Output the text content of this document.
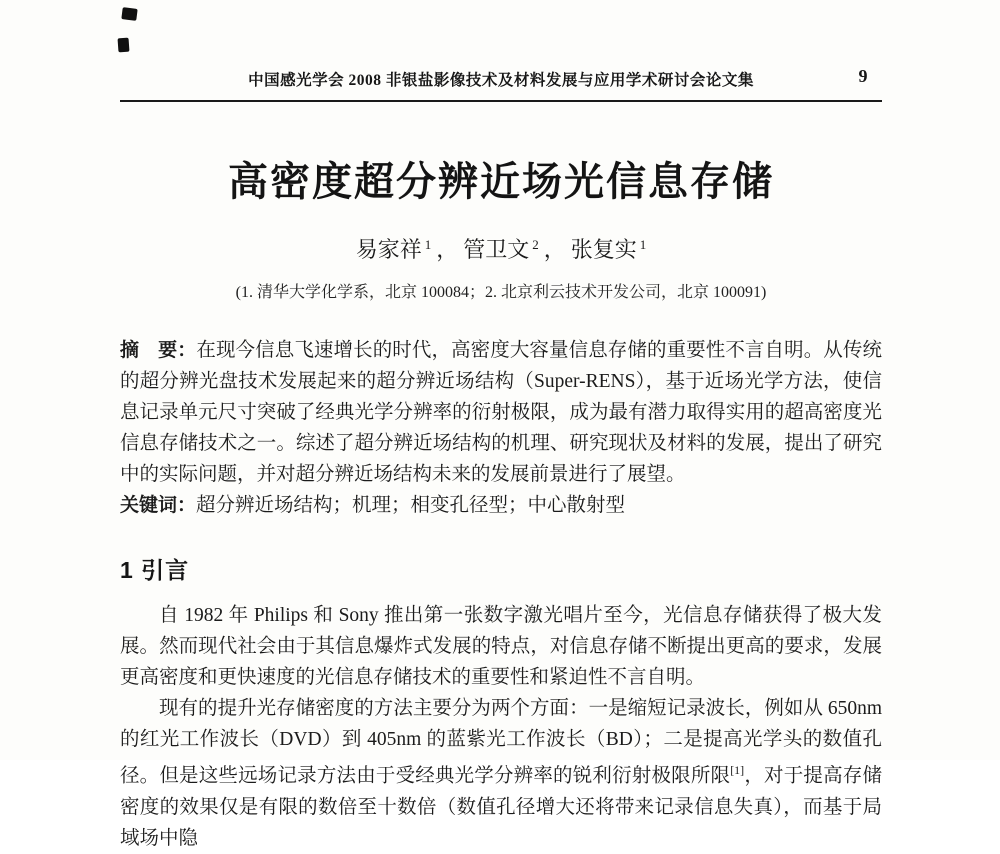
中国感光学会 2008 非银盐影像技术及材料发展与应用学术研讨会论文集	9
高密度超分辨近场光信息存储
易家祥 $^1$ ， 管卫文 $^2$ ， 张复实 $^1$
(1. 清华大学化学系，北京 100084；2. 北京利云技术开发公司，北京 100091)

摘　要：在现今信息飞速增长的时代，高密度大容量信息存储的重要性不言自明。从传统的超分辨光盘技术发展起来的超分辨近场结构（Super-RENS），基于近场光学方法，使信息记录单元尺寸突破了经典光学分辨率的衍射极限，成为最有潜力取得实用的超高密度光信息存储技术之一。综述了超分辨近场结构的机理、研究现状及材料的发展，提出了研究中的实际问题，并对超分辨近场结构未来的发展前景进行了展望。

关键词：超分辨近场结构；机理；相变孔径型；中心散射型

1 引言

自 1982 年 Philips 和 Sony 推出第一张数字激光唱片至今，光信息存储获得了极大发展。然而现代社会由于其信息爆炸式发展的特点，对信息存储不断提出更高的要求，发展更高密度和更快速度的光信息存储技术的重要性和紧迫性不言自明。

现有的提升光存储密度的方法主要分为两个方面：一是缩短记录波长，例如从 650nm 的红光工作波长（DVD）到 405nm 的蓝紫光工作波长（BD）；二是提高光学头的数值孔径。但是这些远场记录方法由于受经典光学分辨率的锐利衍射极限所限[1]，对于提高存储密度的效果仅是有限的数倍至十数倍（数值孔径增大还将带来记录信息失真），而基于局域场中隐
